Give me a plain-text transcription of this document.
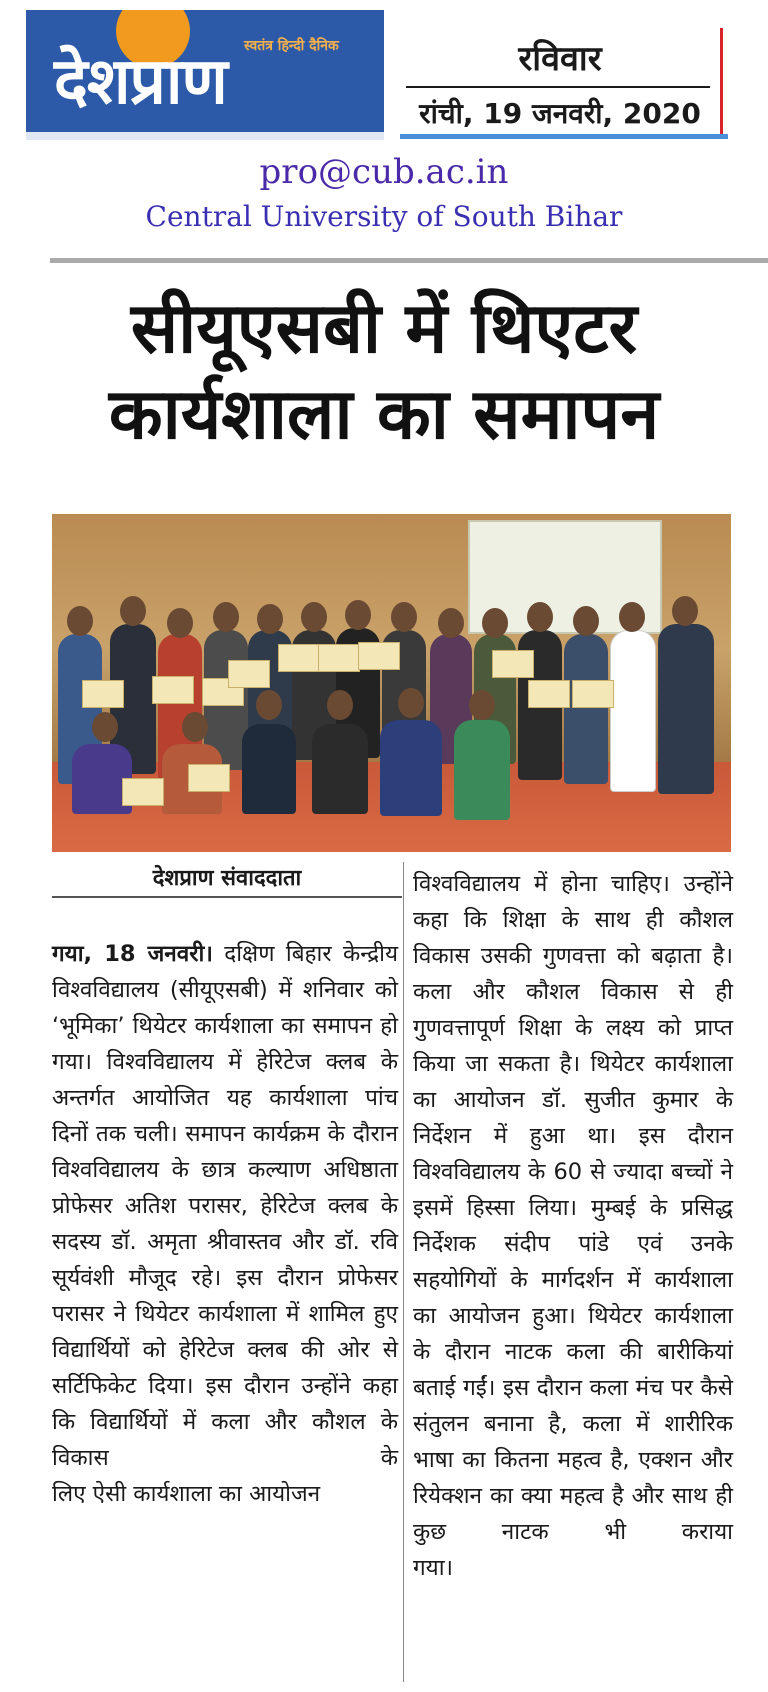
स्वतंत्र हिन्दी दैनिक
देशप्राण	रविवार
रांची, 19 जनवरी, 2020
pro@cub.ac.in
Central University of South Bihar
सीयूएसबी में थिएटर
कार्यशाला का समापन
देशप्राण संवाददाता

गया, 18 जनवरी। दक्षिण बिहार केन्द्रीय विश्वविद्यालय (सीयूएसबी) में शनिवार को ‘भूमिका’ थियेटर कार्यशाला का समापन हो गया। विश्वविद्यालय में हेरिटेज क्लब के अन्तर्गत आयोजित यह कार्यशाला पांच दिनों तक चली। समापन कार्यक्रम के दौरान विश्वविद्यालय के छात्र कल्याण अधिष्ठाता प्रोफेसर अतिश परासर, हेरिटेज क्लब के सदस्य डॉ. अमृता श्रीवास्तव और डॉ. रवि सूर्यवंशी मौजूद रहे। इस दौरान प्रोफेसर परासर ने थियेटर कार्यशाला में शामिल हुए विद्यार्थियों को हेरिटेज क्लब की ओर से सर्टिफिकेट दिया। इस दौरान उन्होंने कहा कि विद्यार्थियों में कला और कौशल के विकास के
लिए ऐसी कार्यशाला का आयोजन

विश्वविद्यालय में होना चाहिए। उन्होंने कहा कि शिक्षा के साथ ही कौशल विकास उसकी गुणवत्ता को बढ़ाता है। कला और कौशल विकास से ही गुणवत्तापूर्ण शिक्षा के लक्ष्य को प्राप्त किया जा सकता है। थियेटर कार्यशाला का आयोजन डॉ. सुजीत कुमार के निर्देशन में हुआ था। इस दौरान विश्वविद्यालय के 60 से ज्यादा बच्चों ने इसमें हिस्सा लिया। मुम्बई के प्रसिद्ध निर्देशक संदीप पांडे एवं उनके सहयोगियों के मार्गदर्शन में कार्यशाला का आयोजन हुआ। थियेटर कार्यशाला के दौरान नाटक कला की बारीकियां बताई गईं। इस दौरान कला मंच पर कैसे संतुलन बनाना है, कला में शारीरिक भाषा का कितना महत्व है, एक्शन और रियेक्शन का क्या महत्व है और साथ ही कुछ नाटक भी कराया
गया।
